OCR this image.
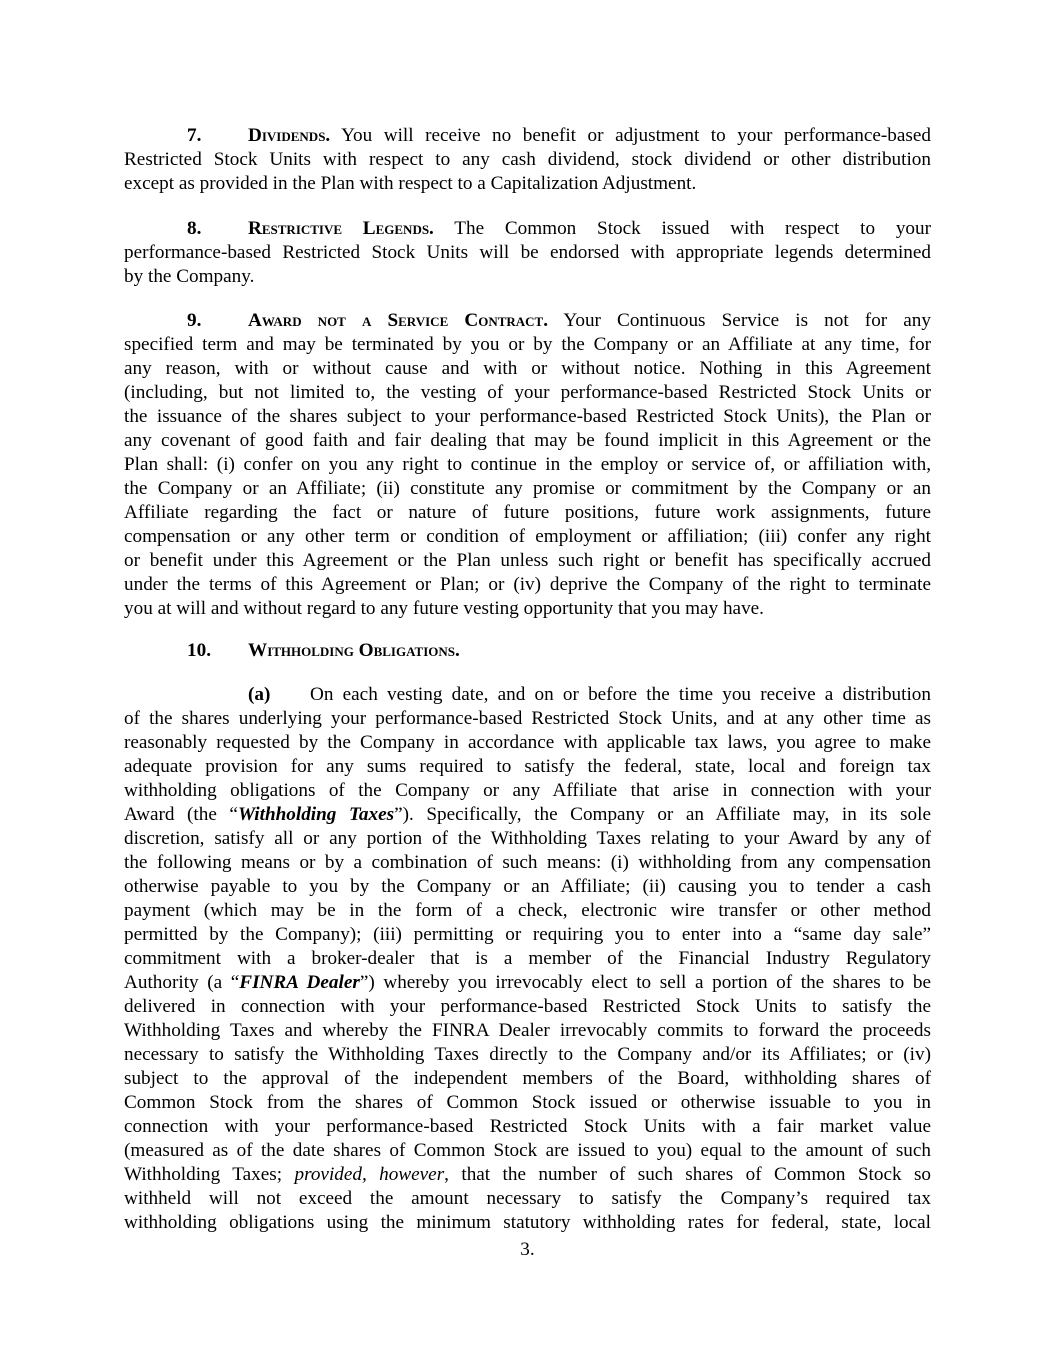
7. Dividends. You will receive no benefit or adjustment to your performance-based
Restricted Stock Units with respect to any cash dividend, stock dividend or other distribution
except as provided in the Plan with respect to a Capitalization Adjustment.
8. Restrictive Legends. The Common Stock issued with respect to your
performance-based Restricted Stock Units will be endorsed with appropriate legends determined
by the Company.
9. Award not a Service Contract. Your Continuous Service is not for any
specified term and may be terminated by you or by the Company or an Affiliate at any time, for
any reason, with or without cause and with or without notice. Nothing in this Agreement
(including, but not limited to, the vesting of your performance-based Restricted Stock Units or
the issuance of the shares subject to your performance-based Restricted Stock Units), the Plan or
any covenant of good faith and fair dealing that may be found implicit in this Agreement or the
Plan shall: (i) confer on you any right to continue in the employ or service of, or affiliation with,
the Company or an Affiliate; (ii) constitute any promise or commitment by the Company or an
Affiliate regarding the fact or nature of future positions, future work assignments, future
compensation or any other term or condition of employment or affiliation; (iii) confer any right
or benefit under this Agreement or the Plan unless such right or benefit has specifically accrued
under the terms of this Agreement or Plan; or (iv) deprive the Company of the right to terminate
you at will and without regard to any future vesting opportunity that you may have.
10. Withholding Obligations.
(a) On each vesting date, and on or before the time you receive a distribution
of the shares underlying your performance-based Restricted Stock Units, and at any other time as
reasonably requested by the Company in accordance with applicable tax laws, you agree to make
adequate provision for any sums required to satisfy the federal, state, local and foreign tax
withholding obligations of the Company or any Affiliate that arise in connection with your
Award (the “Withholding Taxes”). Specifically, the Company or an Affiliate may, in its sole
discretion, satisfy all or any portion of the Withholding Taxes relating to your Award by any of
the following means or by a combination of such means: (i) withholding from any compensation
otherwise payable to you by the Company or an Affiliate; (ii) causing you to tender a cash
payment (which may be in the form of a check, electronic wire transfer or other method
permitted by the Company); (iii) permitting or requiring you to enter into a “same day sale”
commitment with a broker-dealer that is a member of the Financial Industry Regulatory
Authority (a “FINRA Dealer”) whereby you irrevocably elect to sell a portion of the shares to be
delivered in connection with your performance-based Restricted Stock Units to satisfy the
Withholding Taxes and whereby the FINRA Dealer irrevocably commits to forward the proceeds
necessary to satisfy the Withholding Taxes directly to the Company and/or its Affiliates; or (iv)
subject to the approval of the independent members of the Board, withholding shares of
Common Stock from the shares of Common Stock issued or otherwise issuable to you in
connection with your performance-based Restricted Stock Units with a fair market value
(measured as of the date shares of Common Stock are issued to you) equal to the amount of such
Withholding Taxes; provided, however, that the number of such shares of Common Stock so
withheld will not exceed the amount necessary to satisfy the Company’s required tax
withholding obligations using the minimum statutory withholding rates for federal, state, local
3.
